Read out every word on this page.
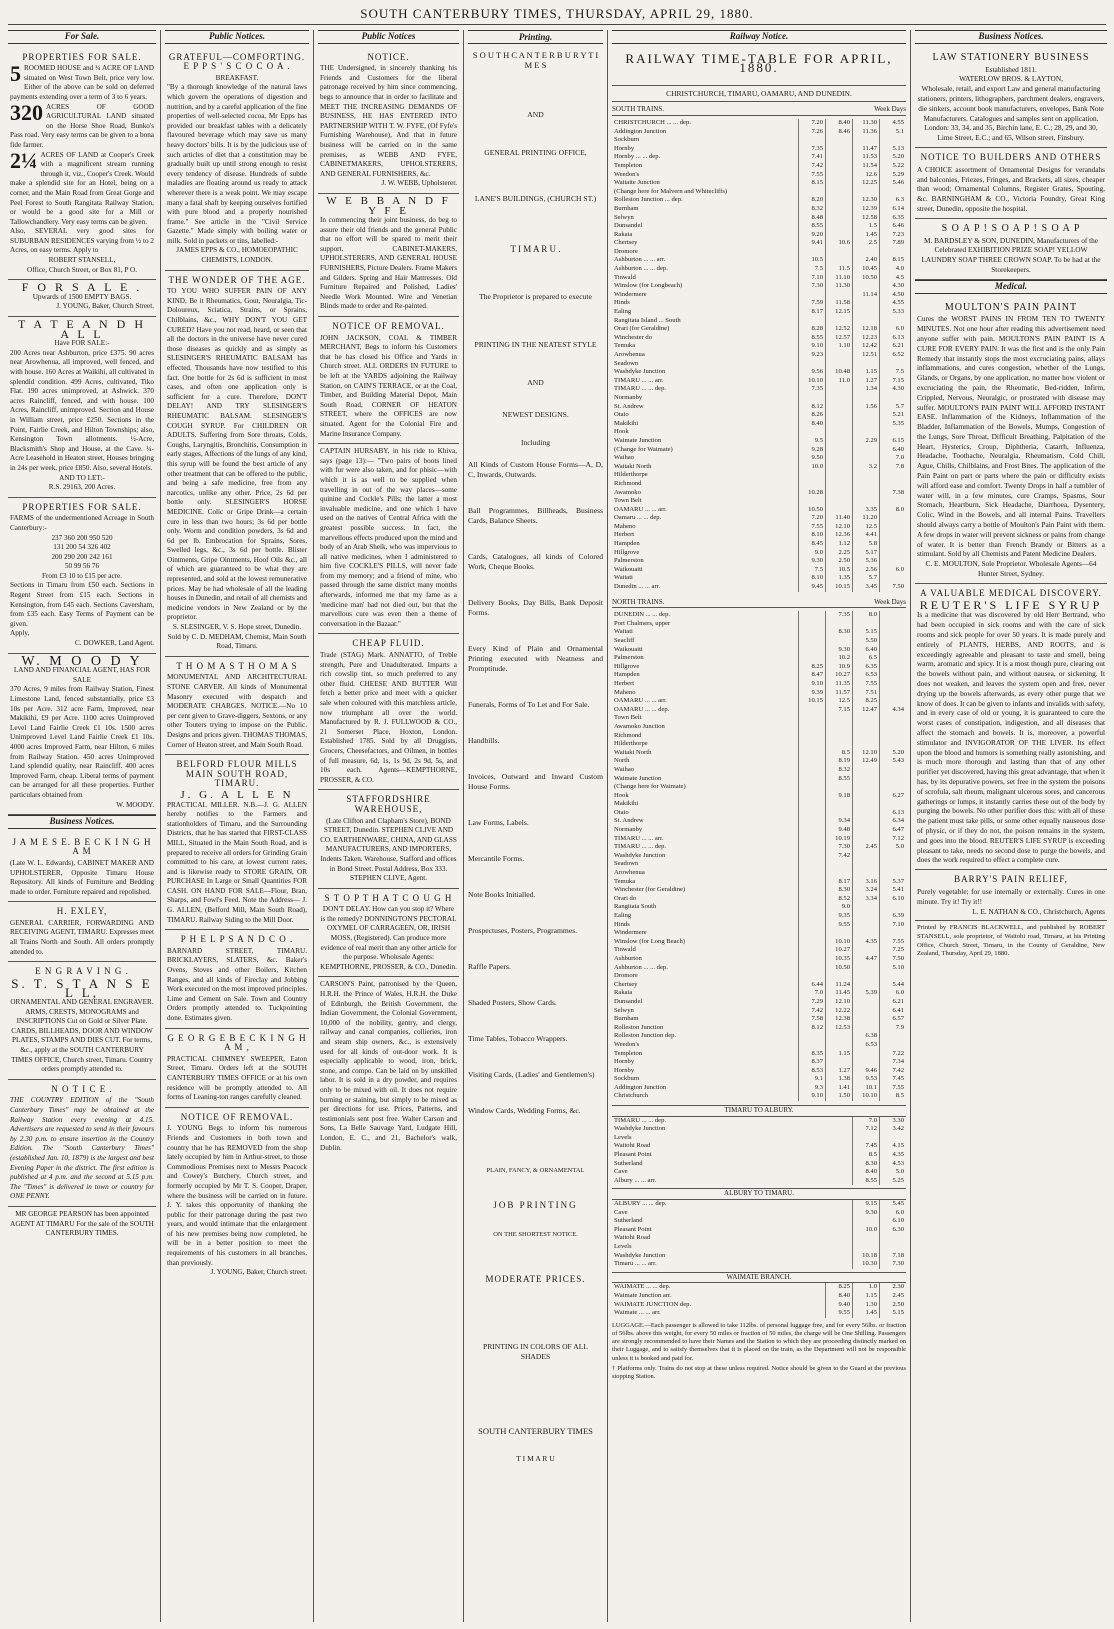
SOUTH CANTERBURY TIMES, THURSDAY, APRIL 29, 1880.
For Sale.
PROPERTIES FOR SALE.
5 ROOMED HOUSE and ¼ ACRE OF LAND situated on West Town Belt, price very low. Either of the above can be sold on deferred payments extending over a term of 3 to 6 years.
320 ACRES OF GOOD AGRICULTURAL LAND situated on the Horse Shoe Road, Bunko's Pass road. Very easy terms can be given to a bona fide farmer.
2¼ ACRES OF LAND at Cooper's Creek with a magnificent stream running through it, viz., Cooper's Creek. Would make a splendid site for an Hotel, being on a corner, and the Main Road from Great Gorge and Peel Forest to South Rangitata Railway Station, or would be a good site for a Mill or Tallowchandlery. Very easy terms can be given.
Also, SEVERAL very good sites for SUBURBAN RESIDENCES varying from ½ to 2 Acres, on easy terms. Apply to
ROBERT STANSELL,
Office, Church Street, or Box 81, P O.
F O R S A L E .
Upwards of 1500 EMPTY BAGS.
J. YOUNG, Baker, Church Street.
T A T E A N D H A L L
Have FOR SALE:-
200 Acres near Ashburton, price £375. 90 acres near Arowhenua, all improved, well fenced, and with house. 160 Acres at Waikihi, all cultivated in splendid condition. 499 Acres, cultivated, Tiko Flat. 190 acres unimproved, at Ashwick. 370 acres Raincliff, fenced, and with house. 100 Acres, Raincliff, unimproved. Section and House in William street, price £250. Sections in the Point, Fairlie Creek, and Hilton Townships; also, Kensington Town allotments. ½-Acre, Blacksmith's Shop and House, at the Cave. ¼-Acre Leasehold in Heaton street, Houses bringing in 24s per week, price £850. Also, several Hotels.
AND TO LET:-
R.S. 29163, 200 Acres.
PROPERTIES FOR SALE.
FARMS of the undermentioned Acreage in South Canterbury:-
237 360 200 950 520
131 200 54 326 402
200 290 200 242 161
50 99 56 76
From £3 10 to £15 per acre.
Sections in Timaru from £50 each. Sections in Regent Street from £15 each. Sections in Kensington, from £45 each. Sections Caversham, from £35 each. Easy Terms of Payment can be given.
Apply,
C. DOWKER, Land Agent.
W. M O O D Y
LAND AND FINANCIAL AGENT, HAS FOR SALE
370 Acres, 9 miles from Railway Station, Finest Limestone Land, fenced substantially, price £3 10s per Acre. 312 acre Farm, Improved, near Makikihi, £9 per Acre. 1100 acres Unimproved Level Land Fairlie Creek £1 10s. 1500 acres Unimproved Level Land Fairlie Creek £1 10s. 4000 acres Improved Farm, near Hilton, 6 miles from Railway Station. 450 acres Unimproved Land splendid quality, near Raincliff. 400 acres Improved Farm, cheap. Liberal terms of payment can be arranged for all these properties. Further particulars obtained from
W. MOODY.
Business Notices.
J A M E S E. B E C K I N G H A M
(Late W. L. Edwards), CABINET MAKER AND UPHOLSTERER, Opposite Timaru House Repository. All kinds of Furniture and Bedding made to order. Furniture repaired and repolished.
H. EXLEY,
GENERAL CARRIER, FORWARDING AND RECEIVING AGENT, TIMARU. Expresses meet all Trains North and South. All orders promptly attended to.
E N G R A V I N G .
S. T. S T A N S E L L,
ORNAMENTAL AND GENERAL ENGRAVER. ARMS, CRESTS, MONOGRAMS and INSCRIPTIONS Cut on Gold or Silver Plate. CARDS, BILLHEADS, DOOR AND WINDOW PLATES, STAMPS AND DIES CUT. For terms, &c., apply at the SOUTH CANTERBURY TIMES OFFICE, Church street, Timaru. Country orders promptly attended to.
N O T I C E .
THE COUNTRY EDITION of the "South Canterbury Times" may be obtained at the Railway Station every evening at 4.15. Advertisers are requested to send in their favours by 2.30 p.m. to ensure insertion in the Country Edition. The "South Canterbury Times" (established Jan. 10, 1879) is the largest and best Evening Paper in the district. The first edition is published at 4 p.m. and the second at 5.15 p.m. The "Times" is delivered in town or country for ONE PENNY.
MR GEORGE PEARSON has been appointed AGENT AT TIMARU For the sale of the SOUTH CANTERBURY TIMES.
Public Notices.
GRATEFUL—COMFORTING. E P P S ' S C O C O A .
BREAKFAST.
"By a thorough knowledge of the natural laws which govern the operations of digestion and nutrition, and by a careful application of the fine properties of well-selected cocoa, Mr Epps has provided our breakfast tables with a delicately flavoured beverage which may save us many heavy doctors' bills. It is by the judicious use of such articles of diet that a constitution may be gradually built up until strong enough to resist every tendency of disease. Hundreds of subtle maladies are floating around us ready to attack wherever there is a weak point. We may escape many a fatal shaft by keeping ourselves fortified with pure blood and a properly nourished frame." See article in the "Civil Service Gazette." Made simply with boiling water or milk. Sold in packets or tins, labelled:-
JAMES EPPS & CO., HOMOEOPATHIC CHEMISTS, LONDON.
THE WONDER OF THE AGE.
TO YOU WHO SUFFER PAIN OF ANY KIND, Be it Rheumatics, Gout, Neuralgia, Tic-Doloureux, Sciatica, Strains, or Sprains, Chilblains, &c., WHY DON'T YOU GET CURED? Have you not read, heard, or seen that all the doctors in the universe have never cured those diseases as quickly and as simply as SLESINGER'S RHEUMATIC BALSAM has effected. Thousands have now testified to this fact. One bottle for 2s 6d is sufficient in most cases, and often one application only is sufficient for a cure. Therefore, DON'T DELAY! AND TRY SLESINGER'S RHEUMATIC BALSAM. SLESINGER'S COUGH SYRUP. For CHILDREN OR ADULTS. Suffering from Sore throats, Colds, Coughs, Laryngitis, Bronchitis, Consumption in early stages, Affections of the lungs of any kind, this syrup will be found the best article of any other treatment that can be offered to the public, and being a safe medicine, free from any narcotics, unlike any other. Price, 2s 6d per bottle only. SLESINGER'S HORSE MEDICINE. Colic or Gripe Drink—a certain cure in less than two hours; 3s 6d per bottle only. Worm and condition powders, 3s 6d and 6d per lb. Embrocation for Sprains, Sores, Swelled legs, &c., 3s 6d per bottle. Blister Ointments, Gripe Ointments, Hoof Oils &c., all of which are guaranteed to be what they are represented, and sold at the lowest remunerative prices. May be had wholesale of all the leading houses in Dunedin, and retail of all chemists and medicine vendors in New Zealand or by the proprietor.
S. SLESINGER, V. S. Hope street, Dunedin. Sold by C. D. MEDHAM, Chemist, Main South Road, Timaru.
T H O M A S T H O M A S
MONUMENTAL AND ARCHITECTURAL STONE CARVER. All kinds of Monumental Masonry executed with despatch and MODERATE CHARGES. NOTICE.—No 10 per cent given to Grave-diggers, Sextons, or any other Touters trying to impose on the Public. Designs and prices given. THOMAS THOMAS, Corner of Heaton street, and Main South Road.
BELFORD FLOUR MILLS MAIN SOUTH ROAD, TIMARU.
J. G. A L L E N
PRACTICAL MILLER. N.B.—J. G. ALLEN hereby notifies to the Farmers and stationholders of Timaru, and the Surrounding Districts, that he has started that FIRST-CLASS MILL, Situated in the Main South Road, and is prepared to receive all orders for Grinding Grain committed to his care, at lowest current rates, and is likewise ready to STORE GRAIN, OR PURCHASE In Large or Small Quantities FOR CASH. ON HAND FOR SALE—Flour, Bran, Sharps, and Fowl's Feed. Note the Address— J. G. ALLEN, (Belford Mill, Main South Road), TIMARU. Railway Siding to the Mill Door.
P H E L P S A N D C O .
BARNARD STREET, TIMARU. BRICKLAYERS, SLATERS, &c. Baker's Ovens, Stoves and other Boilers, Kitchen Ranges, and all kinds of Fireclay and Jobbing Work executed on the most improved principles. Lime and Cement on Sale. Town and Country Orders promptly attended to. Tuckpointing done. Estimates given.
G E O R G E B E C K I N G H A M ,
PRACTICAL CHIMNEY SWEEPER, Eaton Street, Timaru. Orders left at the SOUTH CANTERBURY TIMES OFFICE or at his own residence will be promptly attended to. All forms of Leaning-ton ranges carefully cleaned.
NOTICE OF REMOVAL.
J. YOUNG Begs to inform his numerous Friends and Customers in both town and country that he has REMOVED from the shop lately occupied by him in Arthur-street, to those Commodious Premises next to Messrs Peacock and Cowey's Butchery, Church street, and formerly occupied by Mr T. S. Cooper, Draper, where the business will be carried on in future. J. Y. takes this opportunity of thanking the public for their patronage during the past two years, and would intimate that the enlargement of his new premises being now completed, he will be in a better position to meet the requirements of his customers in all branches, than previously.
J. YOUNG, Baker, Church street.
Public Notices
NOTICE.
THE Undersigned, in sincerely thanking his Friends and Customers for the liberal patronage received by him since commencing, begs to announce that in order to facilitate and MEET THE INCREASING DEMANDS OF BUSINESS, HE HAS ENTERED INTO PARTNERSHIP WITH T. W. FYFE, (Of Fyfe's Furnishing Warehouse), And that in future business will be carried on in the same premises, as WEBB AND FYFE, CABINETMAKERS, UPHOLSTERERS, AND GENERAL FURNISHERS, &c.
J. W. WEBB, Upholsterer.
W E B B A N D F Y F E
In commencing their joint business, do beg to assure their old friends and the general Public that no effort will be spared to merit their support. CABINET-MAKERS, UPHOLSTERERS, AND GENERAL HOUSE FURNISHERS, Picture Dealers. Frame Makers and Gilders. Spring and Hair Mattresses. Old Furniture Repaired and Polished, Ladies' Needle Work Mounted. Wire and Venetian Blinds made to order and Re-painted.
NOTICE OF REMOVAL.
JOHN JACKSON, COAL & TIMBER MERCHANT, Begs to inform his Customers that he has closed his Office and Yards in Church street. ALL ORDERS IN FUTURE to be left at the YARDS adjoining the Railway Station, on CAIN'S TERRACE, or at the Coal, Timber, and Building Material Depot, Main South Road, CORNER OF HEATON STREET, where the OFFICES are now situated. Agent for the Colonial Fire and Marine Insurance Company.
CAPTAIN HURSABY, in his ride to Khiva, says (page 13):— "Two pairs of boots lined with fur were also taken, and for phisic—with which it is as well to be supplied when travelling in out of the way places—some quinine and Cockle's Pills; the latter a most invaluable medicine, and one which I have used on the natives of Central Africa with the greatest possible success. In fact, the marvellous effects produced upon the mind and body of an Arab Sheik, who was impervious to all native medicines, when I administered to him five COCKLE'S PILLS, will never fade from my memory; and a friend of mine, who passed through the same district many months afterwards, informed me that my fame as a 'medicine man' had not died out, but that the marvellous cure was even then a theme of conversation in the Bazaar."
CHEAP FLUID.
Trade (STAG) Mark. ANNATTO, of Treble strength, Pure and Unadulterated. Imparts a rich cowslip tint, so much preferred to any other fluid. CHEESE AND BUTTER Will fetch a better price and meet with a quicker sale when coloured with this matchless article, now triumphant all over the world. Manufactured by R. J. FULLWOOD & CO., 21 Somerset Place, Hoxton, London. Established 1785. Sold by all Druggists, Grocers, Cheesefactors, and Oilmen, in bottles of full measure, 6d, 1s, 1s 9d, 2s 9d, 5s, and 10s each. Agents—KEMPTHORNE, PROSSER, & CO.
STAFFORDSHIRE WAREHOUSE,
(Late Clifton and Clapham's Store), BOND STREET, Dunedin. STEPHEN CLIVE AND CO. EARTHENWARE, CHINA, AND GLASS MANUFACTURERS, AND IMPORTERS, Indents Taken. Warehouse, Stafford and offices in Bond Street. Postal Address, Box 333. STEPHEN CLIVE, Agent.
S T O P T H A T C O U G H
DON'T DELAY. How can you stop it? Where is the remedy? DONNINGTON'S PECTORAL OXYMEL OF CARRAGEEN, OR, IRISH MOSS, (Registered). Can produce more evidence of real merit than any other article for the purpose. Wholesale Agents: KEMPTHORNE, PROSSER, & CO., Dunedin.
CARSON'S Paint, patronised by the Queen, H.R.H. the Prince of Wales, H.R.H. the Duke of Edinburgh, the British Government, the Indian Government, the Colonial Government, 10,000 of the nobility, gentry, and clergy, railway and canal companies, collieries, iron and steam ship owners, &c., is extensively used for all kinds of out-door work. It is especially applicable to wood, iron, brick, stone, and compo. Can be laid on by unskilled labor. It is sold in a dry powder, and requires only to be mixed with oil. It does not require burning or staining, but simply to be mixed as per directions for use. Prices, Patterns, and testimonials sent post free. Walter Carson and Sons, La Belle Sauvage Yard, Ludgate Hill, London, E. C., and 21, Bachelor's walk, Dublin.
Printing.
S O U T H C A N T E R B U R Y T I M E S
AND
GENERAL PRINTING OFFICE,
LANE'S BUILDINGS, (CHURCH ST.)
T I M A R U .
The Proprietor is prepared to execute
PRINTING IN THE NEATEST STYLE
AND
NEWEST DESIGNS.
Including
All Kinds of Custom House Forms—A, D, C, Inwards, Outwards.
Ball Programmes, Billheads, Business Cards, Balance Sheets.
Cards, Catalogues, all kinds of Colored Work, Cheque Books.
Delivery Books, Day Bills, Bank Deposit Forms.
Every Kind of Plain and Ornamental Printing executed with Neatness and Promptitude.
Funerals, Forms of To Let and For Sale.
Handbills.
Invoices, Outward and Inward Custom House Forms.
Law Forms, Labels.
Mercantile Forms.
Note Books Initialled.
Prospectuses, Posters, Programmes.
Raffle Papers.
Shaded Posters, Show Cards.
Time Tables, Tobacco Wrappers.
Visiting Cards, (Ladies' and Gentlemen's)
Window Cards, Wedding Forms, &c.
PLAIN, FANCY, & ORNAMENTAL
JOB PRINTING
ON THE SHORTEST NOTICE.
MODERATE PRICES.
PRINTING IN COLORS OF ALL SHADES
SOUTH CANTERBURY TIMES
T I M A R U
Railway Notice.
RAILWAY TIME-TABLE FOR APRIL, 1880.
CHRISTCHURCH, TIMARU, OAMARU, AND DUNEDIN.
SOUTH TRAINS.	Week Days
CHRISTCHURCH ... ... dep.	7.20	8.40	11.30	4.55
Addington Junction	7.26	8.46	11.36	5.1
Sockburn				
Hornby	7.35		11.47	5.13
Hornby ... ... dep.	7.41		11.53	5.20
Templeton	7.42		11.54	5.22
Weedon's	7.55		12.6	5.29
Waitaite Junction	8.15		12.25	5.46
(Change here for Malvern and Whitecliffs)				
Rolleston Junction ... dep.	8.20		12.30	6.3
Burnham	8.32		12.39	6.14
Selwyn	8.48		12.58	6.35
Dunsandel	8.55		1.5	6.46
Rakaia	9.20		1.45	7.23
Chertsey	9.41	10.6	2.5	7.89
Dromore				
Ashburton ... ... arr.	10.5		2.40	8.15
Ashburton ... ... dep.	7.5	11.5	10.45	4.0
Tinwald	7.10	11.10	10.50	4.5
Winslow (for Longbeach)	7.30	11.30		4.30
Windermere			11.14	4.50
Hinds	7.59	11.58		4.55
Ealing	8.17	12.15		5.33
Rangitata Island ... South				
Orari (for Geraldine)	8.28	12.52	12.18	6.0
Winchester do	8.55	12.57	12.23	6.13
Temuka	9.10	1.10	12.42	6.21
Arowhenua	9.23		12.51	6.52
Seadown				
Washdyke Junction	9.56	10.48	1.15	7.5
TIMARU ... ... arr.	10.10	11.0	1.27	7.15
TIMARU ... ... dep.	7.35		1.34	4.30
Normanby				
St. Andrew	8.12		1.56	5.7
Otaio	8.26			5.21
Makikihi	8.40			5.35
Hook				
Waimate Junction	9.5		2.29	6.15
(Change for Waimate)	9.28			6.40
Waihao	9.50			7.0
Waitaki North	10.0		3.2	7.8
Hilderthorpe				
Richmond				
Awamoko	10.28			7.38
Town Belt				
OAMARU ... ... arr.	10.50		3.35	8.0
Oamaru ... ... dep.	7.20	11.40	11.20	
Maheno	7.55	12.10	12.5	
Herbert	8.10	12.36	4.41	
Hampden	8.45	1.12	5.8	
Hillgrove	9.0	2.25	5.17	
Palmerston	9.30	2.50	5.36	
Waikouaiti	7.5	10.5	2.56	6.0
Waitati	8.10	1.35	5.7	
Dunedin ... ... arr.	9.45	10.15	3.45	7.50
NORTH TRAINS.	Week Days
DUNEDIN ... ... dep.		7.35	8.0	
Port Chalmers, upper				
Waitati		8.30	5.15	
Seacliff			5.50	
Waikouaiti		9.30	6.40	
Palmerston		10.2	6.5	
Hillgrove	8.25	10.9	6.35	
Hampden	8.47	10.27	6.53	
Herbert	9.10	11.35	7.55	
Maheno	9.39	11.57	7.51	
OAMARU ... ... arr.	10.15	12.5	8.25	
OAMARU ... ... dep.		7.15	12.47	4.34
Town Belt				
Awamoko Junction				
Richmond				
Hilderthorpe				
Waitaki North		8.5	12.10	5.20
North		8.19	12.49	5.43
Waihao		8.32		
Waimate Junction		8.55		
(Change here for Waimate)				
Hook		9.18		6.27
Makikihi				
Otaio				6.13
St. Andrew		9.34		6.34
Normanby		9.48		6.47
TIMARU ... ... arr.		10.19		7.12
TIMARU ... ... dep.		7.30	2.45	5.0
Washdyke Junction		7.42		
Seadown				
Arowhenua				
Temuka		8.17	3.16	5.37
Winchester (for Geraldine)		8.30	3.24	5.41
Orari do		8.52	3.34	6.10
Rangitata South		9.0		
Ealing		9.35		6.39
Hinds		9.55		7.10
Windermere				
Winslow (for Long Beach)		10.10	4.35	7.55
Tinwald		10.27		7.25
Ashburton		10.35	4.47	7.50
Ashburton ... ... dep.		10.50		5.10
Dromore				
Chertsey	6.44	11.24		5.44
Rakaia	7.0	11.45	5.39	6.0
Dunsandel	7.29	12.10		6.21
Selwyn	7.42	12.22		6.41
Burnham	7.58	12.38		6.57
Rolleston Junction	8.12	12.53		7.9
Rolleston Junction dep.			6.38	
Weedon's			6.53	
Templeton	8.35	1.15		7.22
Hornby	8.37			7.34
Hornby	8.53	1.27	9.46	7.42
Sockburn	9.1	1.38	9.53	7.45
Addington Junction	9.3	1.41	10.1	7.55
Christchurch	9.10	1.50	10.10	8.5
TIMARU TO ALBURY.
TIMARU ... ... dep.	7.0	3.30
Washdyke Junction	7.12	3.42
Levels		
Waitohi Road	7.45	4.15
Pleasant Point	8.5	4.35
Sutherland	8.30	4.53
Cave	8.40	5.0
Albury ... ... arr.	8.55	5.25
ALBURY TO TIMARU.
ALBURY ... ... dep.	9.15	5.45
Cave	9.30	6.0
Sutherland		6.10
Pleasant Point	10.0	6.30
Waitohi Road		
Levels		
Washdyke Junction	10.18	7.18
Timaru ... ... arr.	10.30	7.30
WAIMATE BRANCH.
WAIMATE ... ... dep.	8.25	1.0	2.30
Waimate Junction arr.	8.40	1.15	2.45
WAIMATE JUNCTION dep.	9.40	1.30	2.50
Waimate ... ... arr.	9.55	1.45	5.15
LUGGAGE.—Each passenger is allowed to take 112lbs. of personal luggage free, and for every 56lbs. or fraction of 56lbs. above this weight, for every 50 miles or fraction of 50 miles, the charge will be One Shilling. Passengers are strongly recommended to have their Names and the Station to which they are proceeding distinctly marked on their Luggage, and to satisfy themselves that it is placed on the train, as the Department will not be responsible unless it is booked and paid for.
† Platforms only. Trains do not stop at these unless required. Notice should be given to the Guard at the previous stopping Station.
Business Notices.
LAW STATIONERY BUSINESS
Established 1811.
WATERLOW BROS. & LAYTON,
Wholesale, retail, and export Law and general manufacturing stationers, printers, lithographers, parchment dealers, engravers, die sinkers, account book manufacturers, envelopes, Bank Note Manufacturers. Catalogues and samples sent on application. London: 33, 34, and 35, Birchin lane, E. C.; 28, 29, and 30, Lime Street, E.C.; and 65, Wilson street, Finsbury.
NOTICE TO BUILDERS AND OTHERS
A CHOICE assortment of Ornamental Designs for verandahs and balconies, Friezes, Fringes, and Brackets, all sizes, cheaper than wood; Ornamental Columns, Register Grates, Spouting, &c. BARNINGHAM & CO., Victoria Foundry, Great King street, Dunedin, opposite the hospital.
S O A P ! S O A P ! S O A P
M. BARDSLEY & SON, DUNEDIN, Manufacturers of the Celebrated EXHIBITION PRIZE SOAP! YELLOW LAUNDRY SOAP THREE CROWN SOAP. To be had at the Storekeepers.
Medical.
MOULTON'S PAIN PAINT
Cures the WORST PAINS IN FROM TEN TO TWENTY MINUTES. Not one hour after reading this advertisement need anyone suffer with pain. MOULTON'S PAIN PAINT IS A CURE FOR EVERY PAIN. It was the first and is the only Pain Remedy that instantly stops the most excruciating pains, allays inflammations, and cures congestion, whether of the Lungs, Glands, or Organs, by one application, no matter how violent or excruciating the pain, the Rheumatic, Bed-ridden, Infirm, Crippled, Nervous, Neuralgic, or prostrated with disease may suffer. MOULTON'S PAIN PAINT WILL AFFORD INSTANT EASE. Inflammation of the Kidneys, Inflammation of the Bladder, Inflammation of the Bowels, Mumps, Congestion of the Lungs, Sore Throat, Difficult Breathing, Palpitation of the Heart, Hysterics, Croup, Diphtheria, Catarrh, Influenza, Headache, Toothache, Neuralgia, Rheumatism, Cold Chill, Ague, Chills, Chilblains, and Frost Bites. The application of the Pain Paint on part or parts where the pain or difficulty exists will afford ease and comfort. Twenty Drops in half a tumbler of water will, in a few minutes, cure Cramps, Spasms, Sour Stomach, Heartburn, Sick Headache, Diarrhoea, Dysentery, Colic, Wind in the Bowels, and all internal Pains. Travellers should always carry a bottle of Moulton's Pain Paint with them. A few drops in water will prevent sickness or pains from change of water. It is better than French Brandy or Bitters as a stimulant. Sold by all Chemists and Patent Medicine Dealers.
C. E. MOULTON, Sole Proprietor. Wholesale Agents—64 Hunter Street, Sydney.
A VALUABLE MEDICAL DISCOVERY.
REUTER'S LIFE SYRUP
Is a medicine that was discovered by old Herr Bertrand, who had been occupied in sick rooms and with the care of sick rooms and sick people for over 50 years. It is made purely and entirely of PLANTS, HERBS, AND ROOTS, and is exceedingly agreeable and pleasant to taste and smell, being warm, aromatic and spicy. It is a most though pure, clearing out the bowels without pain, and without nausea, or sickening. It does not weaken, and leaves the system open and free, never drying up the bowels afterwards, as every other purge that we know of does. It can be given to infants and invalids with safety, and in every case of old or young, it is guaranteed to cure the worst cases of constipation, indigestion, and all diseases that affect the stomach and bowels. It is, moreover, a powerful stimulator and INVIGORATOR OF THE LIVER. Its effect upon the blood and humors is something really astonishing, and is much more thorough and lasting than that of any other purifier yet discovered, having this great advantage, that when it has, by its depurative powers, set free in the system the poisons of scrofula, salt rheum, malignant ulcerous sores, and cancerous gatherings or lumps, it instantly carries these out of the body by purging the bowels. No other purifier does this: with all of these the patient must take pills, or some other equally nauseous dose of physic, or if they do not, the poison remains in the system, and goes into the blood. REUTER'S LIFE SYRUP is exceeding pleasant to take, needs no second dose to purge the bowels, and does the work required to effect a complete cure.
BARRY'S PAIN RELIEF,
Purely vegetable; for use internally or externally. Cures in one minute. Try it! Try it!!
L. E. NATHAN & CO., Christchurch, Agents
Printed by FRANCIS BLACKWELL, and published by ROBERT STANSELL, sole proprietor, of Waitohi road, Timaru, at his Printing Office, Church Street, Timaru, in the County of Geraldine, New Zealand, Thursday, April 29, 1880.
